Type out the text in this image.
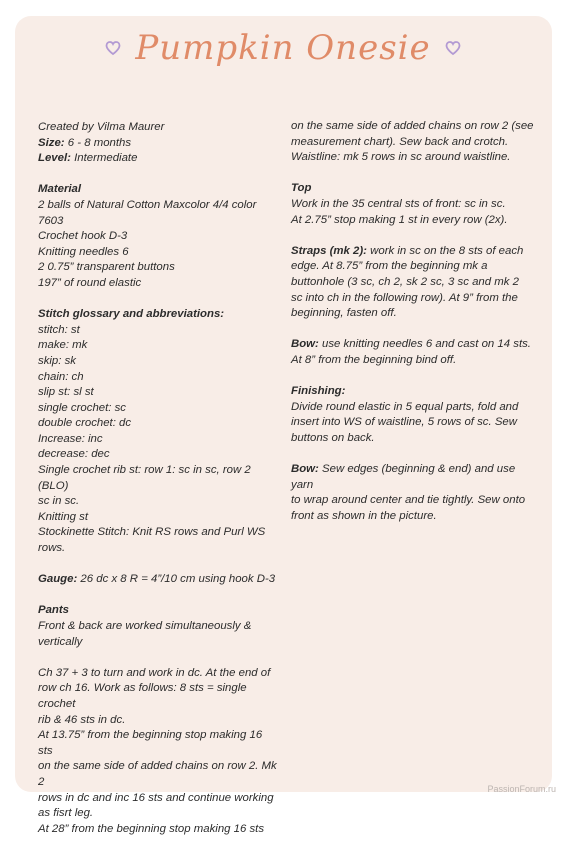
Pumpkin Onesie

Created by Vilma Maurer
Size: 6 - 8 months
Level: Intermediate

Material
2 balls of Natural Cotton Maxcolor 4/4 color
7603
Crochet hook D-3
Knitting needles 6
2 0.75” transparent buttons
197” of round elastic

Stitch glossary and abbreviations:
stitch: st
make: mk
skip: sk
chain: ch
slip st: sl st
single crochet: sc
double crochet: dc
Increase: inc
decrease: dec
Single crochet rib st: row 1: sc in sc, row 2 (BLO)
sc in sc.
Knitting st
Stockinette Stitch: Knit RS rows and Purl WS
rows.

Gauge: 26 dc x 8 R = 4”/10 cm using hook D-3

Pants
Front & back are worked simultaneously &
vertically

Ch 37 + 3 to turn and work in dc. At the end of
row ch 16. Work as follows: 8 sts = single crochet
rib & 46 sts in dc.
At 13.75” from the beginning stop making 16 sts
on the same side of added chains on row 2. Mk 2
rows in dc and inc 16 sts and continue working
as fisrt leg.
At 28” from the beginning stop making 16 sts

on the same side of added chains on row 2 (see
measurement chart). Sew back and crotch.
Waistline: mk 5 rows in sc around waistline.

Top
Work in the 35 central sts of front: sc in sc.
At 2.75” stop making 1 st in every row (2x).

Straps (mk 2): work in sc on the 8 sts of each
edge. At 8.75” from the beginning mk a
buttonhole (3 sc, ch 2, sk 2 sc, 3 sc and mk 2
sc into ch in the following row). At 9” from the
beginning, fasten off.

Bow: use knitting needles 6 and cast on 14 sts.
At 8” from the beginning bind off.

Finishing:
Divide round elastic in 5 equal parts, fold and
insert into WS of waistline, 5 rows of sc. Sew
buttons on back.

Bow: Sew edges (beginning & end) and use yarn
to wrap around center and tie tightly. Sew onto
front as shown in the picture.

PassionForum.ru
